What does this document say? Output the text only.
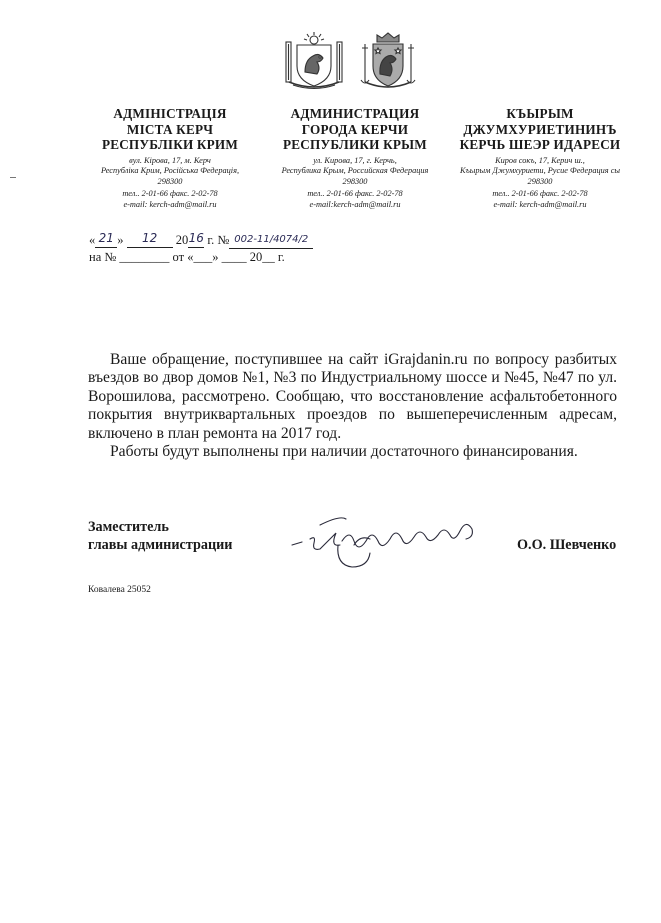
АДМІНІСТРАЦІЯ
МІСТА КЕРЧ
РЕСПУБЛІКИ КРИМ
вул. Кірова, 17, м. Керч
Республіка Крим, Російська Федерація,
298300
тел.. 2-01-66 факс. 2-02-78
e-mail: kerch-adm@mail.ru
АДМИНИСТРАЦИЯ
ГОРОДА КЕРЧИ
РЕСПУБЛИКИ КРЫМ
ул. Кирова, 17, г. Керчь,
Республика Крым, Российская Федерация
298300
тел.. 2-01-66 факс. 2-02-78
e-mail:kerch-adm@mail.ru
КЪЫРЫМ
ДЖУМХУРИЕТИНИНЪ
КЕРЧЬ ШЕЭР ИДАРЕСИ
Киров сокъ, 17, Керич ш.,
Къырым Джумхуриети, Русие Федерация сы
298300
тел.. 2-01-66 факс. 2-02-78
e-mail: kerch-adm@mail.ru
« 21 » 12 2016 г. № 002-11/4074/2
на № ________ от «___» ____ 20__ г.

Ваше обращение, поступившее на сайт iGrajdanin.ru по вопросу разбитых въездов во двор домов №1, №3 по Индустриальному шоссе и №45, №47 по ул. Ворошилова, рассмотрено. Сообщаю, что восстановление асфальтобетонного покрытия внутриквартальных проездов по вышеперечисленным адресам, включено в план ремонта на 2017 год.

Работы будут выполнены при наличии достаточного финансирования.

Заместитель
главы администрации	О.О. Шевченко
Ковалева 25052
